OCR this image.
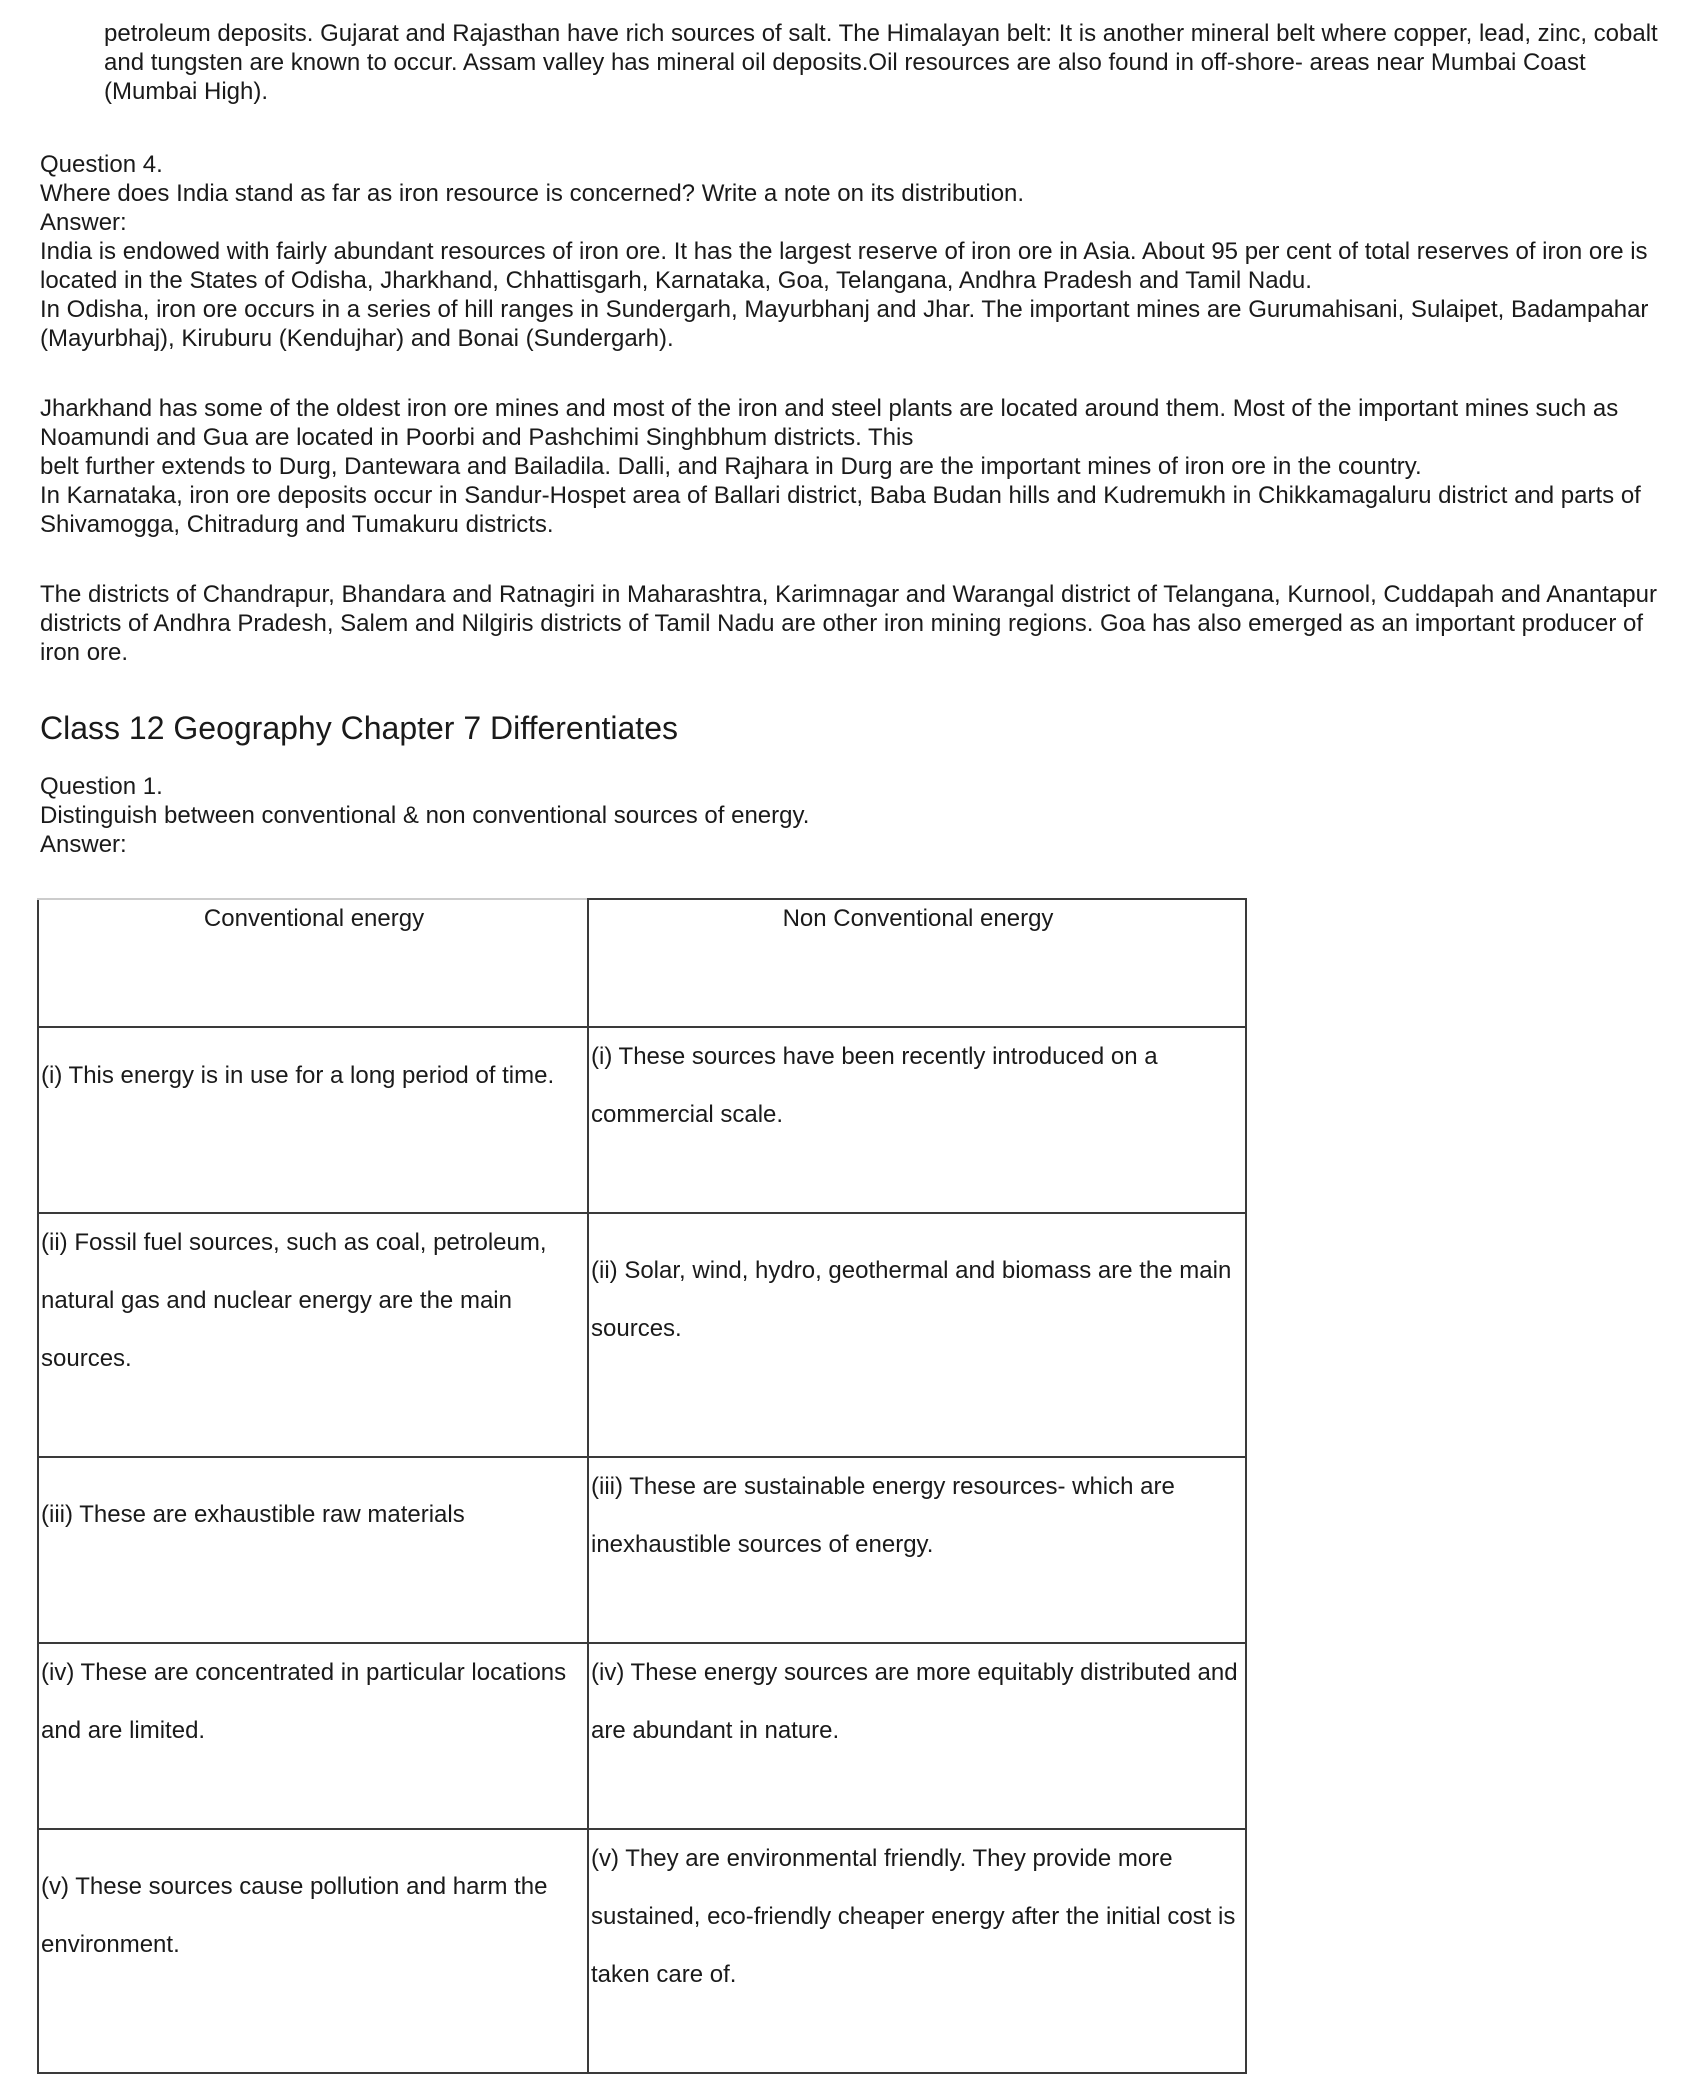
petroleum deposits. Gujarat and Rajasthan have rich sources of salt. The Himalayan belt: It is another mineral belt where copper, lead, zinc, cobalt and tungsten are known to occur. Assam valley has mineral oil deposits.Oil resources are also found in off-shore- areas near Mumbai Coast (Mumbai High).

Question 4.

Where does India stand as far as iron resource is concerned? Write a note on its distribution.

Answer:

India is endowed with fairly abundant resources of iron ore. It has the largest reserve of iron ore in Asia. About 95 per cent of total reserves of iron ore is located in the States of Odisha, Jharkhand, Chhattisgarh, Karnataka, Goa, Telangana, Andhra Pradesh and Tamil Nadu.

In Odisha, iron ore occurs in a series of hill ranges in Sundergarh, Mayurbhanj and Jhar. The important mines are Gurumahisani, Sulaipet, Badampahar (Mayurbhaj), Kiruburu (Kendujhar) and Bonai (Sundergarh).

Jharkhand has some of the oldest iron ore mines and most of the iron and steel plants are located around them. Most of the important mines such as Noamundi and Gua are located in Poorbi and Pashchimi Singhbhum districts. This

belt further extends to Durg, Dantewara and Bailadila. Dalli, and Rajhara in Durg are the important mines of iron ore in the country.

In Karnataka, iron ore deposits occur in Sandur-Hospet area of Ballari district, Baba Budan hills and Kudremukh in Chikkamagaluru district and parts of Shivamogga, Chitradurg and Tumakuru districts.

The districts of Chandrapur, Bhandara and Ratnagiri in Maharashtra, Karimnagar and Warangal district of Telangana, Kurnool, Cuddapah and Anantapur districts of Andhra Pradesh, Salem and Nilgiris districts of Tamil Nadu are other iron mining regions. Goa has also emerged as an important producer of iron ore.

Class 12 Geography Chapter 7 Differentiates

Question 1.

Distinguish between conventional & non conventional sources of energy.

Answer:

Conventional energy	Non Conventional energy

(i) This energy is in use for a long period of time.	(i) These sources have been recently introduced on a commercial scale.

(ii) Fossil fuel sources, such as coal, petroleum, natural gas and nuclear energy are the main sources.	(ii) Solar, wind, hydro, geothermal and biomass are the main sources.

(iii) These are exhaustible raw materials	(iii) These are sustainable energy resources- which are inexhaustible sources of energy.

(iv) These are concentrated in particular locations and are limited.	(iv) These energy sources are more equitably distributed and are abundant in nature.

(v) These sources cause pollution and harm the environment.	(v) They are environmental friendly. They provide more sustained, eco-friendly cheaper energy after the initial cost is taken care of.
